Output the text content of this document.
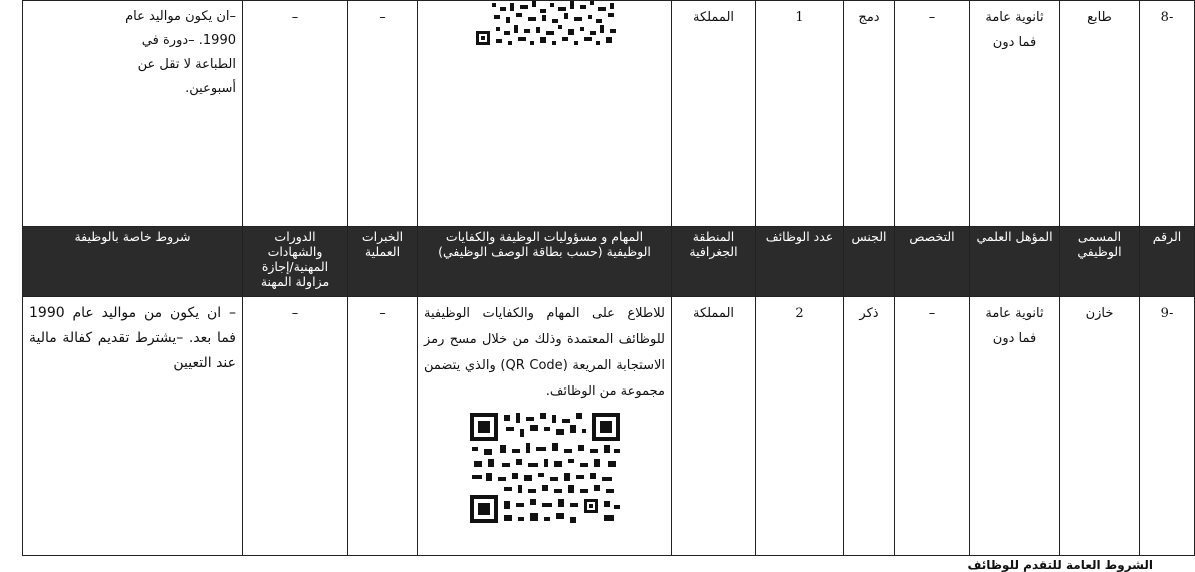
-8	طابع	ثانوية عامة فما دون	–	دمج	1	المملكة		–	–	–ان يكون مواليد عام 1990. –دورة في الطباعة لا تقل عن أسبوعين.

الرقم	المسمى الوظيفي	المؤهل العلمي	التخصص	الجنس	عدد الوظائف	المنطقة الجغرافية	المهام و مسؤوليات الوظيفة والكفايات الوظيفية (حسب بطاقة الوصف الوظيفي)	الخبرات العملية	الدورات والشهادات المهنية/إجازة مزاولة المهنة	شروط خاصة بالوظيفة
-9	خازن	ثانوية عامة فما دون	–	ذكر	2	المملكة	للاطلاع على المهام والكفايات الوظيفية للوظائف المعتمدة وذلك من خلال مسح رمز الاستجابة المريعة (QR Code) والذي يتضمن مجموعة من الوظائف.	–	–	– ان يكون من مواليد عام 1990 فما بعد. –يشترط تقديم كفالة مالية عند التعيين
الشروط العامة للتقدم للوظائف
